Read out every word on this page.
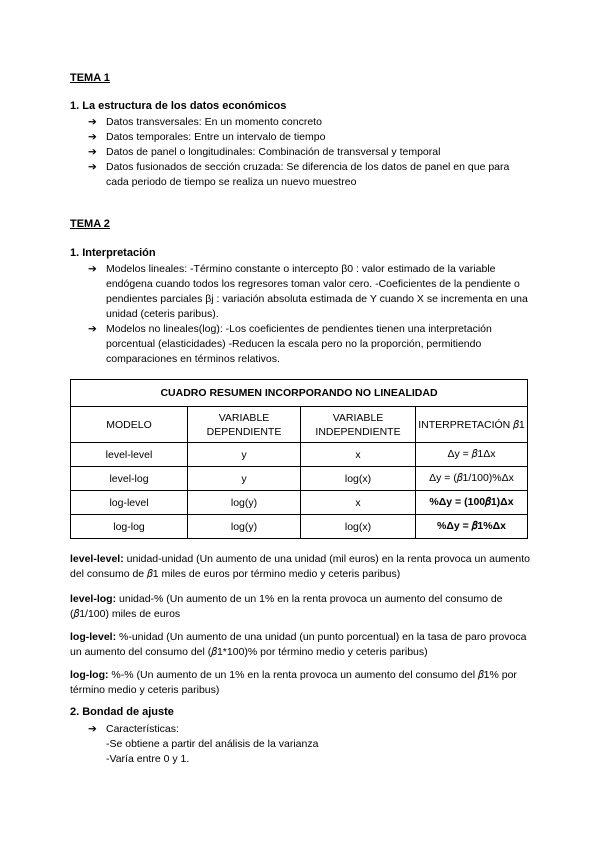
TEMA 1
1. La estructura de los datos económicos
➔ Datos transversales: En un momento concreto
➔ Datos temporales: Entre un intervalo de tiempo
➔ Datos de panel o longitudinales: Combinación de transversal y temporal
➔ Datos fusionados de sección cruzada: Se diferencia de los datos de panel en que para cada periodo de tiempo se realiza un nuevo muestreo
TEMA 2
1. Interpretación
➔ Modelos lineales: -Término constante o intercepto β0 : valor estimado de la variable endógena cuando todos los regresores toman valor cero. -Coeficientes de la pendiente o pendientes parciales βj : variación absoluta estimada de Y cuando X se incrementa en una unidad (ceteris paribus).
➔ Modelos no lineales(log): -Los coeficientes de pendientes tienen una interpretación porcentual (elasticidades) -Reducen la escala pero no la proporción, permitiendo comparaciones en términos relativos.
CUADRO RESUMEN INCORPORANDO NO LINEALIDAD			
MODELO	VARIABLE DEPENDIENTE	VARIABLE INDEPENDIENTE	INTERPRETACIÓN 𝛽1
level-level	y	x	Δy = 𝛽1Δx
level-log	y	log(x)	Δy = (𝛽1/100)%Δx
log-level	log(y)	x	%Δy = (100𝛽1)Δx
log-log	log(y)	log(x)	%Δy = 𝛽1%Δx
level-level: unidad-unidad (Un aumento de una unidad (mil euros) en la renta provoca un aumento del consumo de 𝛽1 miles de euros por término medio y ceteris paribus)
level-log: unidad-% (Un aumento de un 1% en la renta provoca un aumento del consumo de (𝛽1/100) miles de euros
log-level: %-unidad (Un aumento de una unidad (un punto porcentual) en la tasa de paro provoca un aumento del consumo del (𝛽1*100)% por término medio y ceteris paribus)
log-log: %-% (Un aumento de un 1% en la renta provoca un aumento del consumo del 𝛽1% por término medio y ceteris paribus)
2. Bondad de ajuste
➔ Características:
-Se obtiene a partir del análisis de la varianza
-Varía entre 0 y 1.
